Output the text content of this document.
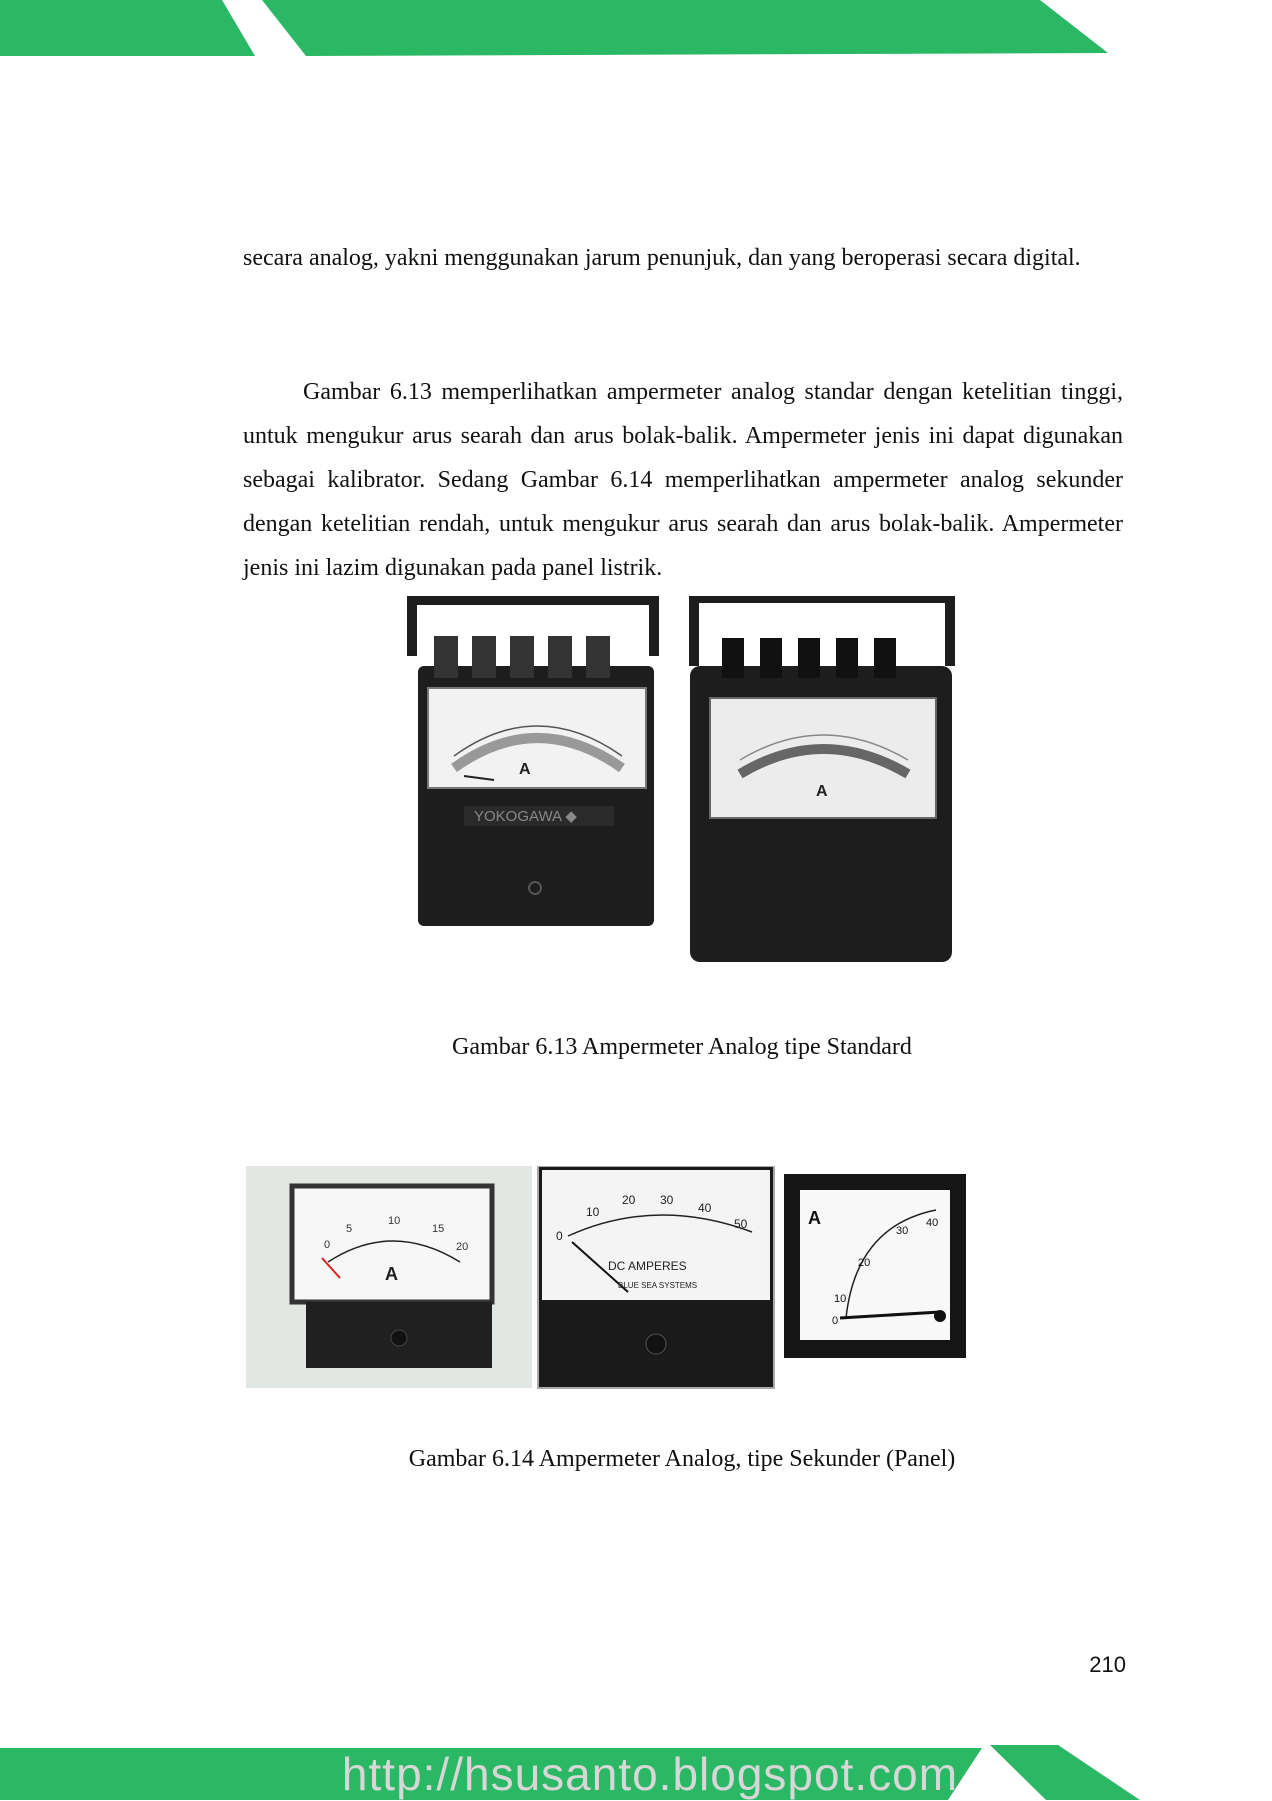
secara analog, yakni menggunakan jarum penunjuk, dan yang beroperasi secara digital.

Gambar 6.13 memperlihatkan ampermeter analog standar dengan ketelitian tinggi, untuk mengukur arus searah dan arus bolak-balik. Ampermeter jenis ini dapat digunakan sebagai kalibrator. Sedang Gambar 6.14 memperlihatkan ampermeter analog sekunder dengan ketelitian rendah, untuk mengukur arus searah dan arus bolak-balik. Ampermeter jenis ini lazim digunakan pada panel listrik.

A
YOKOGAWA ◆
A

Gambar 6.13 Ampermeter Analog tipe Standard

0
5
10
15
20
A
0
10
20 30
40
50
DC AMPERES
BLUE SEA SYSTEMS
A
0
10
20
30
40

Gambar 6.14 Ampermeter Analog, tipe Sekunder (Panel)

210
http://hsusanto.blogspot.com
